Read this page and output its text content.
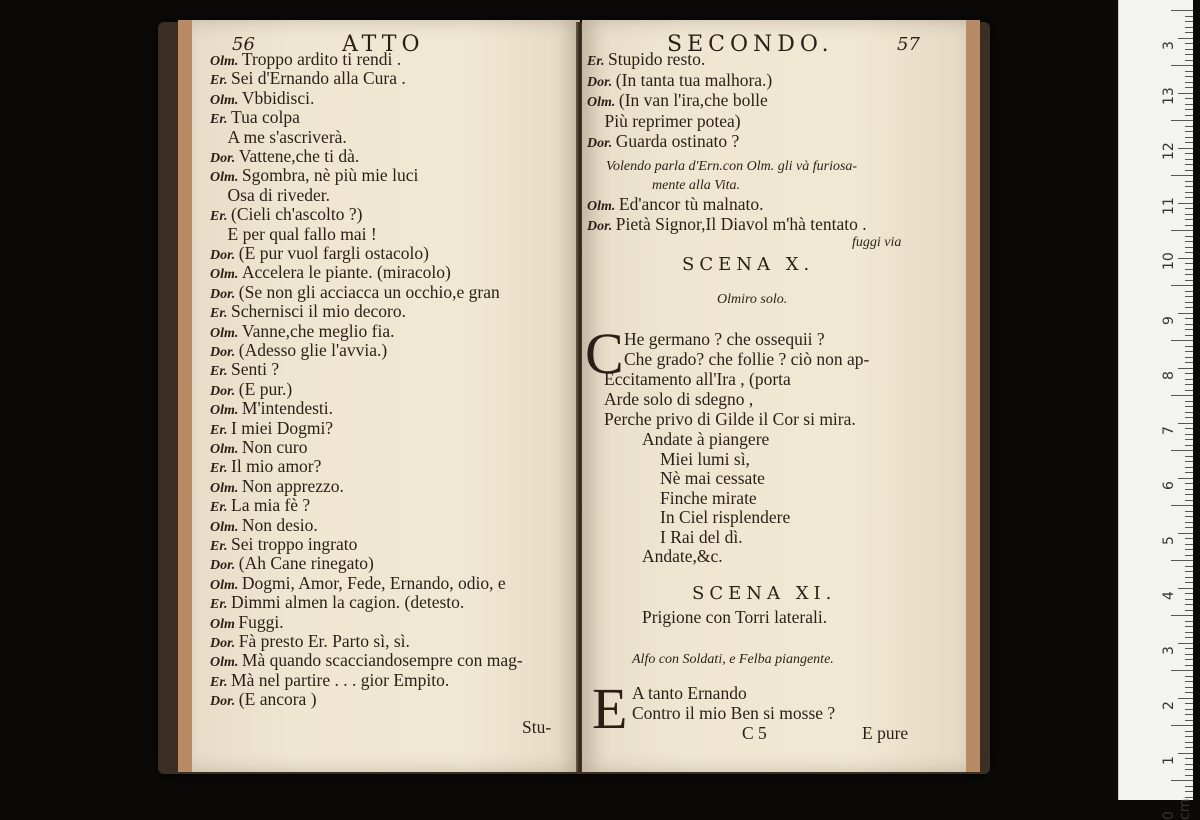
56	ATTO
Olm. Troppo ardito ti rendi .
Er. Sei d'Ernando alla Cura .
Olm. Vbbidisci.
Er. Tua colpa
 A me s'ascriverà.
Dor. Vattene,che ti dà.
Olm. Sgombra, nè più mie luci
 Osa di riveder.
Er. (Cieli ch'ascolto ?)
 E per qual fallo mai !
Dor. (E pur vuol fargli ostacolo)
Olm. Accelera le piante. (miracolo)
Dor. (Se non gli acciacca un occhio,e gran
Er. Schernisci il mio decoro.
Olm. Vanne,che meglio fia.
Dor. (Adesso glie l'avvia.)
Er. Senti ?
Dor. (E pur.)
Olm. M'intendesti.
Er. I miei Dogmi?
Olm. Non curo
Er. Il mio amor?
Olm. Non apprezzo.
Er. La mia fè ?
Olm. Non desio.
Er. Sei troppo ingrato
Dor. (Ah Cane rinegato)
Olm. Dogmi, Amor, Fede, Ernando, odio, e
Er. Dimmi almen la cagion. (detesto.
Olm Fuggi.
Dor. Fà presto Er. Parto sì, sì.
Olm. Mà quando scacciandosempre con mag-
Er. Mà nel partire . . . gior Empito.
Dor. (E ancora )
Stu-
SECONDO.	57
Er. Stupido resto.
Dor. (In tanta tua malhora.)
Olm. (In van l'ira,che bolle
 Più reprimer potea)
Dor. Guarda ostinato ?
Volendo parla d'Ern.con Olm. gli và furiosa-
mente alla Vita.
Olm. Ed'ancor tù malnato.
Dor. Pietà Signor,Il Diavol m'hà tentato .
fuggi via
SCENA X.
Olmiro solo.
C He germano ? che ossequii ?
Che grado? che follie ? ciò non ap-
Eccitamento all'Ira , (porta
Arde solo di sdegno ,
Perche privo di Gilde il Cor si mira.
Andate à piangere
Miei lumi sì,
Nè mai cessate
Finche mirate
In Ciel risplendere
I Rai del dì.
Andate,&c.
SCENA XI.
Prigione con Torri laterali.
Alfo con Soldati, e Felba piangente.
E A tanto Ernando
Contro il mio Ben si mosse ?
C 5	E pure
3
13
12
11
10
9
8
7
6
5
4
3
2
1
0 cm
